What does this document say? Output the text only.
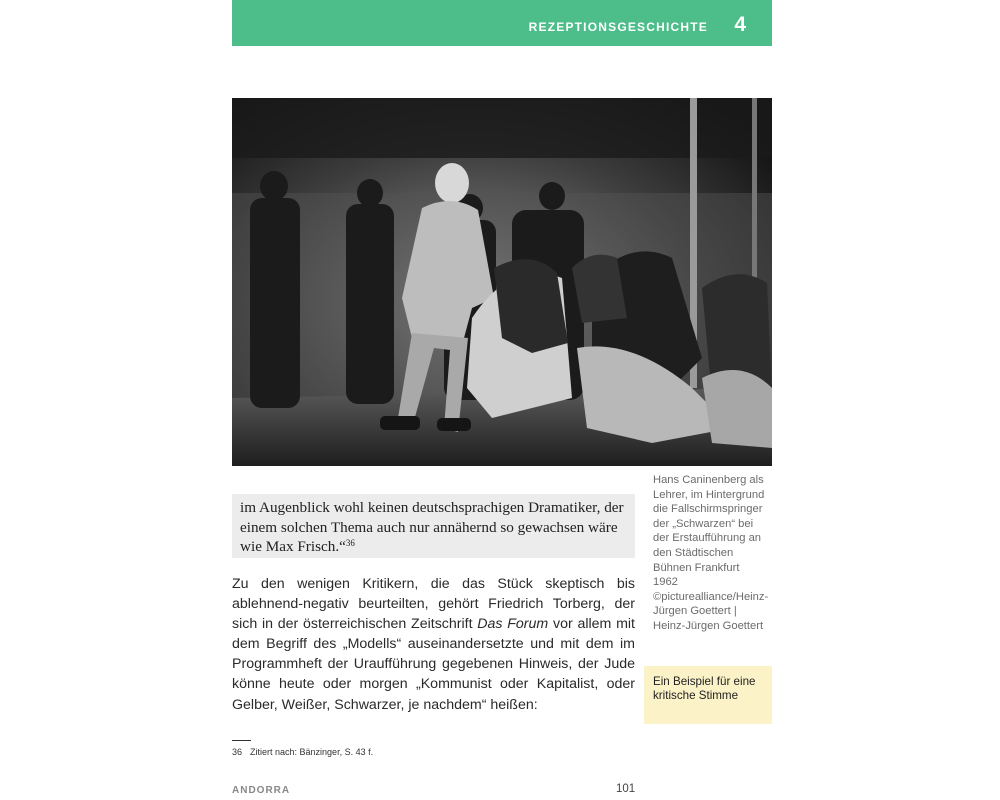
REZEPTIONSGESCHICHTE 4
Hans Caninenberg als Lehrer, im Hintergrund die Fallschirmspringer der „Schwarzen“ bei der Erstaufführung an den Städtischen Bühnen Frankfurt 1962 ©picturealliance/Heinz-Jürgen Goettert | Heinz-Jürgen Goettert
Ein Beispiel für eine kritische Stimme
im Augenblick wohl keinen deutschsprachigen Dramatiker, der einem solchen Thema auch nur annähernd so gewachsen wäre wie Max Frisch.“$^{36}$
Zu den wenigen Kritikern, die das Stück skeptisch bis ablehnend-negativ beurteilten, gehört Friedrich Torberg, der sich in der österreichischen Zeitschrift Das Forum vor allem mit dem Begriff des „Modells“ auseinandersetzte und mit dem im Programmheft der Uraufführung gegebenen Hinweis, der Jude könne heute oder morgen „Kommunist oder Kapitalist, oder Gelber, Weißer, Schwarzer, je nachdem“ heißen:
36 Zitiert nach: Bänzinger, S. 43 f.
ANDORRA	101
